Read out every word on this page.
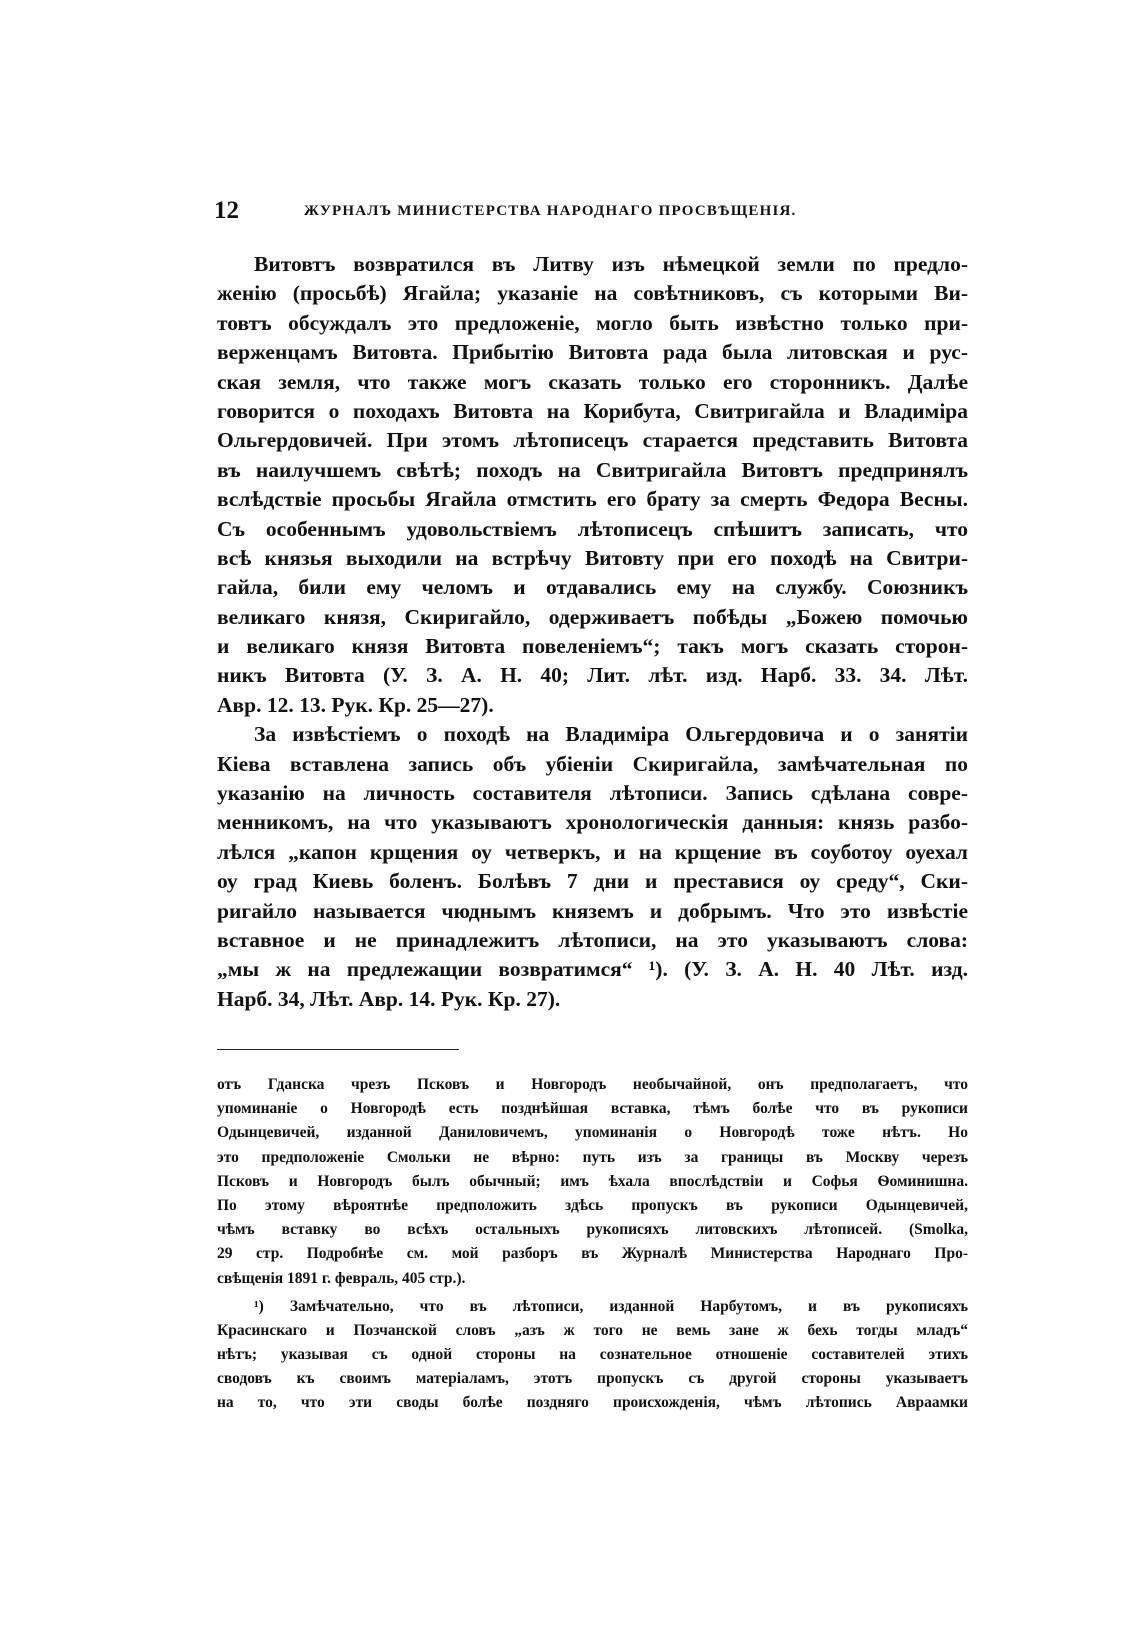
12	ЖУРНАЛЪ МИНИСТЕРСТВА НАРОДНАГО ПРОСВѢЩЕНІЯ.
Витовтъ возвратился въ Литву изъ нѣмецкой земли по предло-
женію (просьбѣ) Ягайла; указаніе на совѣтниковъ, съ которыми Ви-
товтъ обсуждалъ это предложеніе, могло быть извѣстно только при-
верженцамъ Витовта. Прибытію Витовта рада была литовская и рус-
ская земля, что также могъ сказать только его сторонникъ. Далѣе
говорится о походахъ Витовта на Корибута, Свитригайла и Владиміра
Ольгердовичей. При этомъ лѣтописецъ старается представить Витовта
въ наилучшемъ свѣтѣ; походъ на Свитригайла Витовтъ предпринялъ
вслѣдствіе просьбы Ягайла отмстить его брату за смерть Федора Весны.
Съ особеннымъ удовольствіемъ лѣтописецъ спѣшитъ записать, что
всѣ князья выходили на встрѣчу Витовту при его походѣ на Свитри-
гайла, били ему челомъ и отдавались ему на службу. Союзникъ
великаго князя, Скиригайло, одерживаетъ побѣды „Божею помочью
и великаго князя Витовта повеленіемъ“; такъ могъ сказать сторон-
никъ Витовта (У. З. А. Н. 40; Лит. лѣт. изд. Нарб. 33. 34. Лѣт.
Авр. 12. 13. Рук. Кр. 25—27).
За извѣстіемъ о походѣ на Владиміра Ольгердовича и о занятіи
Кіева вставлена запись объ убіеніи Скиригайла, замѣчательная по
указанію на личность составителя лѣтописи. Запись сдѣлана совре-
менникомъ, на что указываютъ хронологическія данныя: князь разбо-
лѣлся „капон крщения оу четверкъ, и на крщение въ соуботоу оуехал
оу град Киевь боленъ. Болѣвъ 7 дни и преставися оу среду“, Ски-
ригайло называется чюднымъ княземъ и добрымъ. Что это извѣстіе
вставное и не принадлежитъ лѣтописи, на это указываютъ слова:
„мы ж на предлежащии возвратимся“ ¹). (У. З. А. Н. 40 Лѣт. изд.
Нарб. 34, Лѣт. Авр. 14. Рук. Кр. 27).
отъ Гданска чрезъ Псковъ и Новгородъ необычайной, онъ предполагаетъ, что
упоминаніе о Новгородѣ есть позднѣйшая вставка, тѣмъ болѣе что въ рукописи
Одынцевичей, изданной Даниловичемъ, упоминанія о Новгородѣ тоже нѣтъ. Но
это предположеніе Смольки не вѣрно: путь изъ за границы въ Москву черезъ
Псковъ и Новгородъ былъ обычный; имъ ѣхала впослѣдствіи и Софья Ѳоминишна.
По этому вѣроятнѣе предположить здѣсь пропускъ въ рукописи Одынцевичей,
чѣмъ вставку во всѣхъ остальныхъ рукописяхъ литовскихъ лѣтописей. (Smolka,
29 стр. Подробнѣе см. мой разборъ въ Журналѣ Министерства Народнаго Про-
свѣщенія 1891 г. февраль, 405 стр.).
¹) Замѣчательно, что въ лѣтописи, изданной Нарбутомъ, и въ рукописяхъ
Красинскаго и Позчанской словъ „азъ ж того не вемь зане ж бехь тогды младъ“
нѣтъ; указывая съ одной стороны на сознательное отношеніе составителей этихъ
сводовъ къ своимъ матеріаламъ, этотъ пропускъ съ другой стороны указываетъ
на то, что эти своды болѣе поздняго происхожденія, чѣмъ лѣтопись Авраамки
